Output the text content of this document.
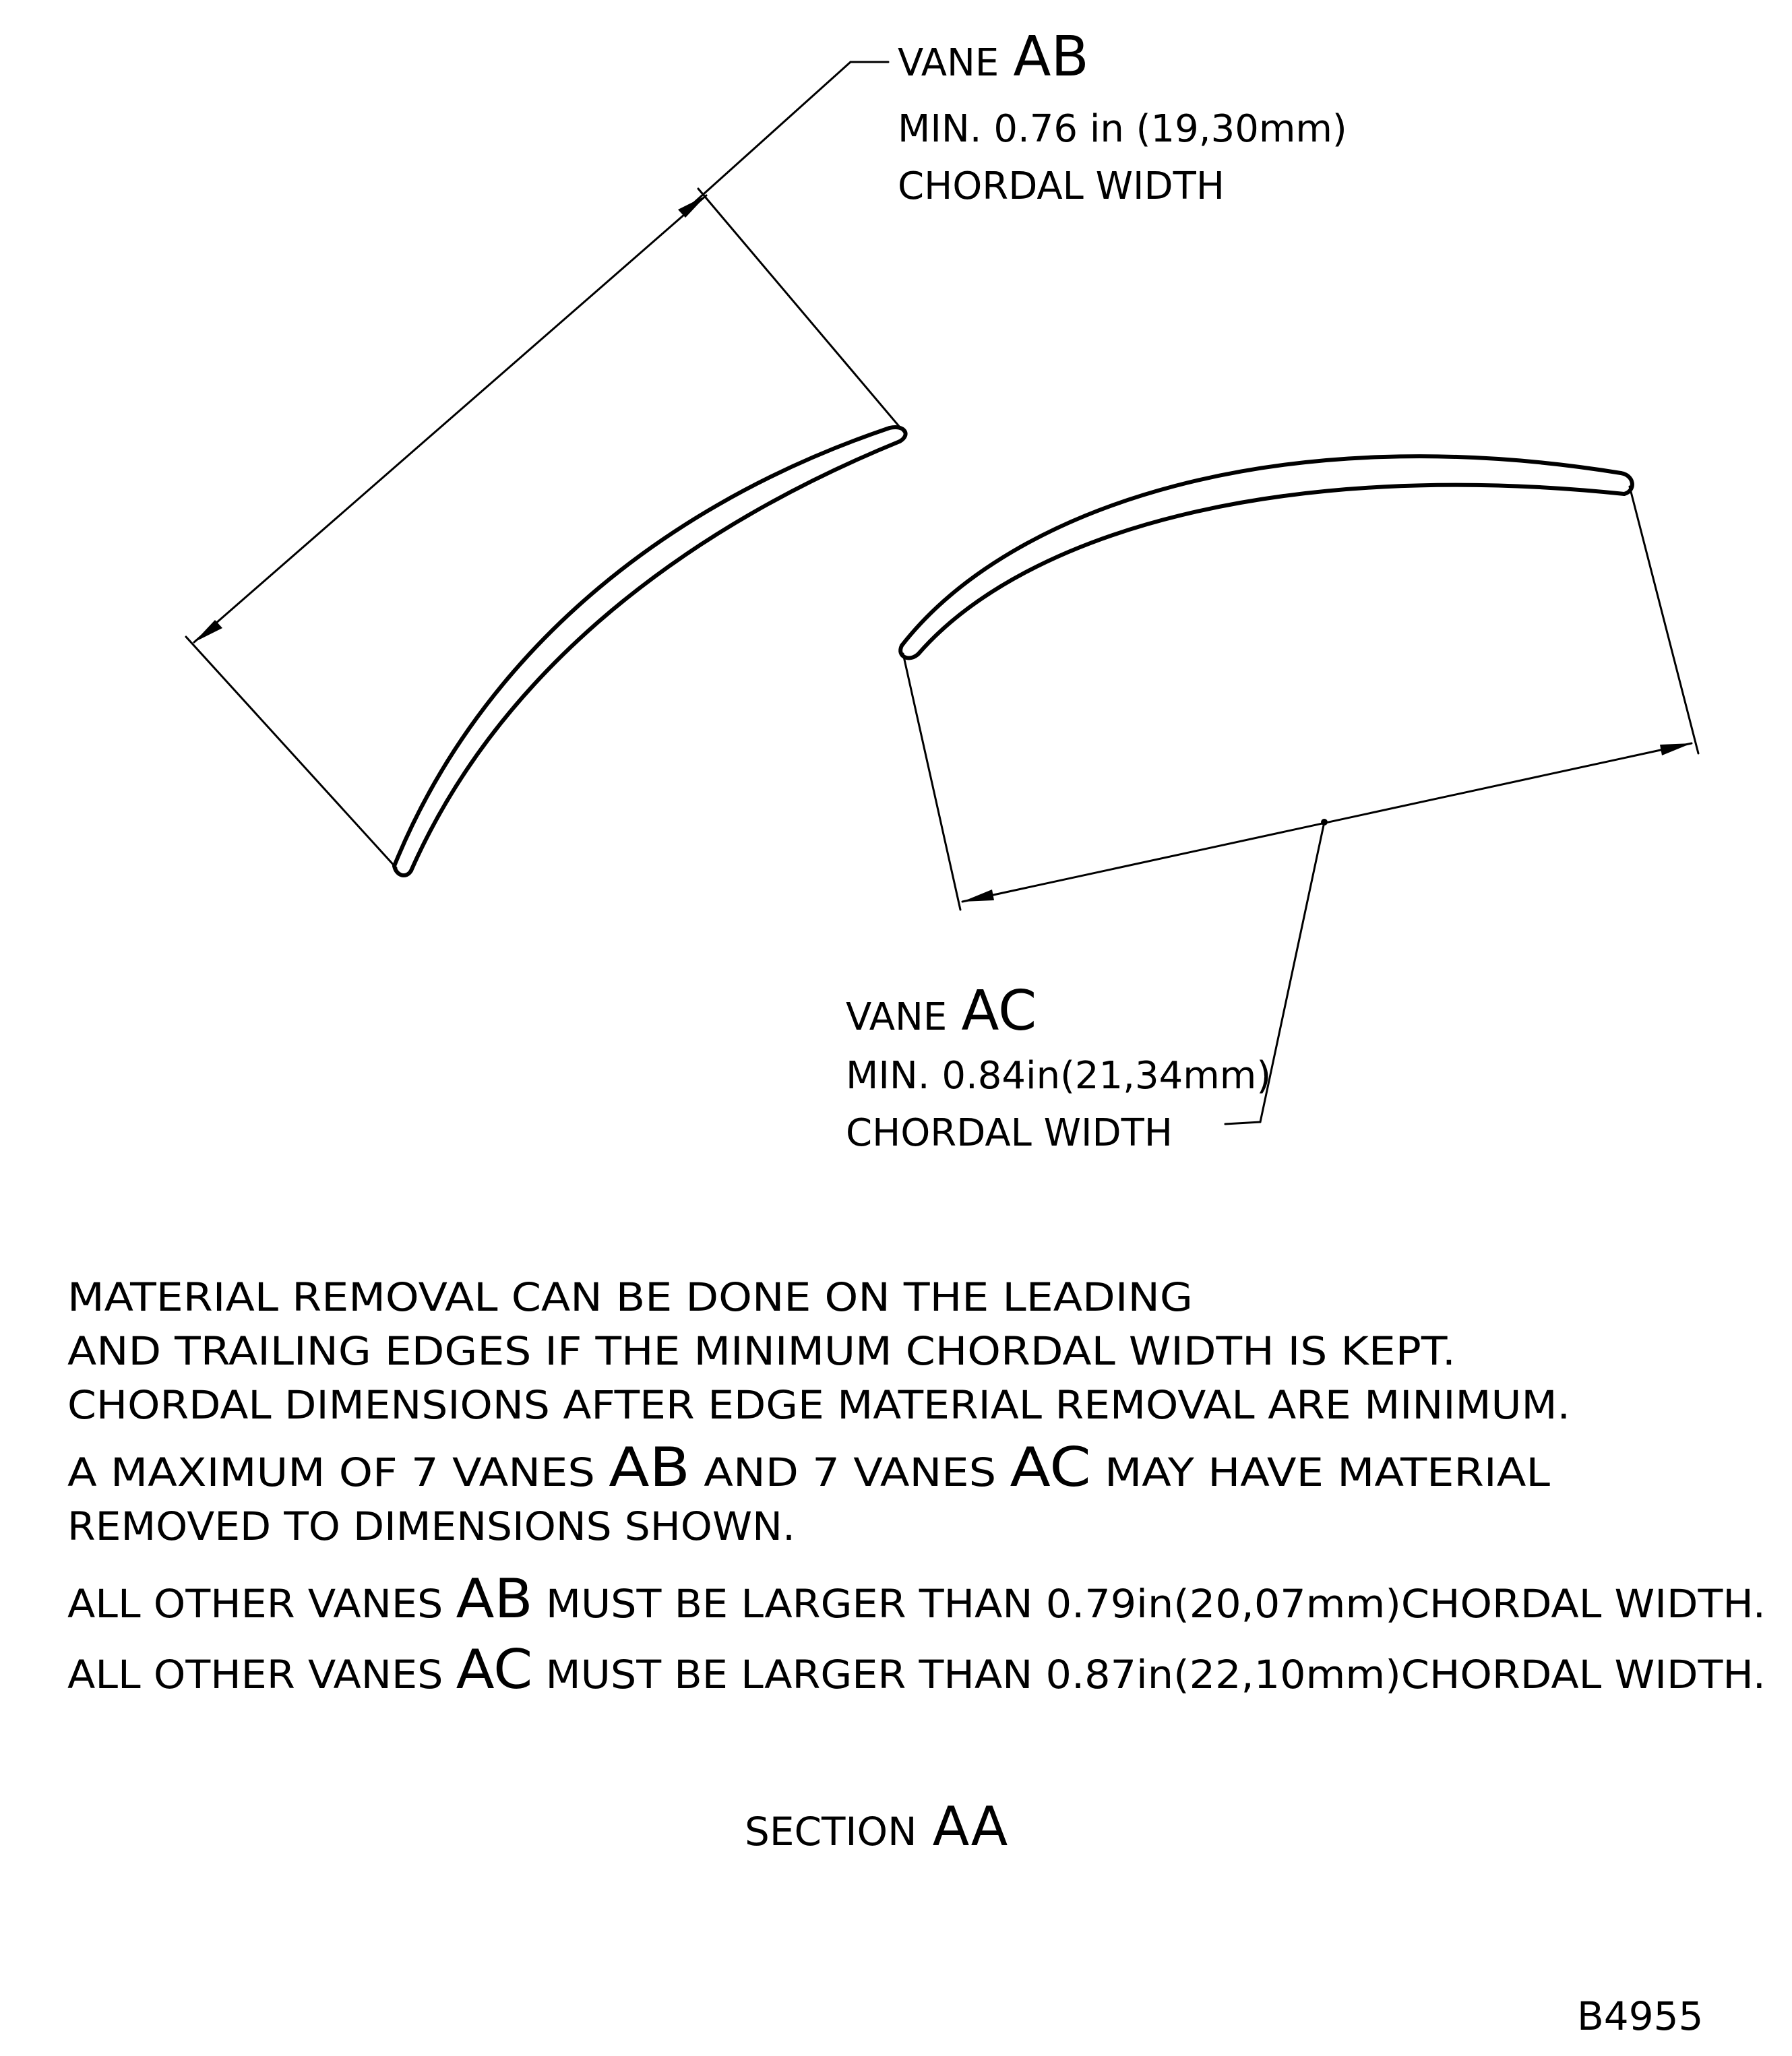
VANE AB
MIN. 0.76 in (19,30mm)
CHORDAL WIDTH
VANE AC
MIN. 0.84in(21,34mm)
CHORDAL WIDTH
MATERIAL REMOVAL CAN BE DONE ON THE LEADING
AND TRAILING EDGES IF THE MINIMUM CHORDAL WIDTH IS KEPT.
CHORDAL DIMENSIONS AFTER EDGE MATERIAL REMOVAL ARE MINIMUM.
A MAXIMUM OF 7 VANES AB AND 7 VANES AC MAY HAVE MATERIAL
REMOVED TO DIMENSIONS SHOWN.
ALL OTHER VANES AB MUST BE LARGER THAN 0.79in(20,07mm)CHORDAL WIDTH.
ALL OTHER VANES AC MUST BE LARGER THAN 0.87in(22,10mm)CHORDAL WIDTH.
SECTION AA
B4955
